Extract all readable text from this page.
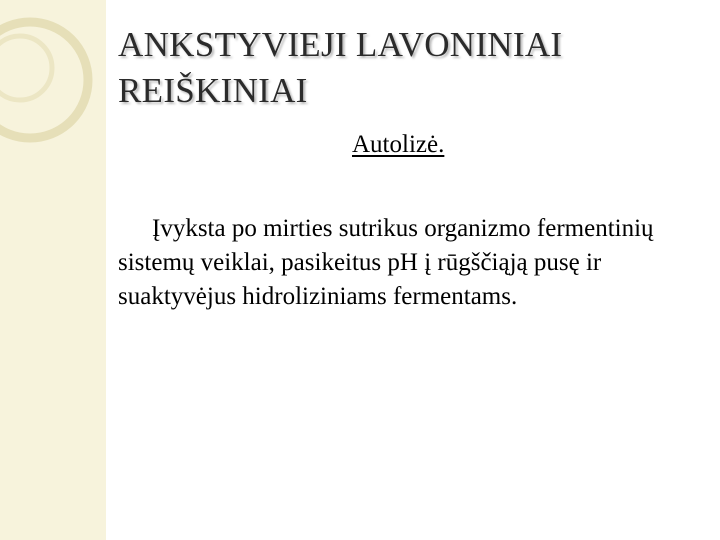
ANKSTYVIEJI LAVONINIAI
REIŠKINIAI
Autolizė.

Įvyksta po mirties sutrikus organizmo fermentinių sistemų veiklai, pasikeitus pH į rūgščiąją pusę ir suaktyvėjus hidroliziniams fermentams.
